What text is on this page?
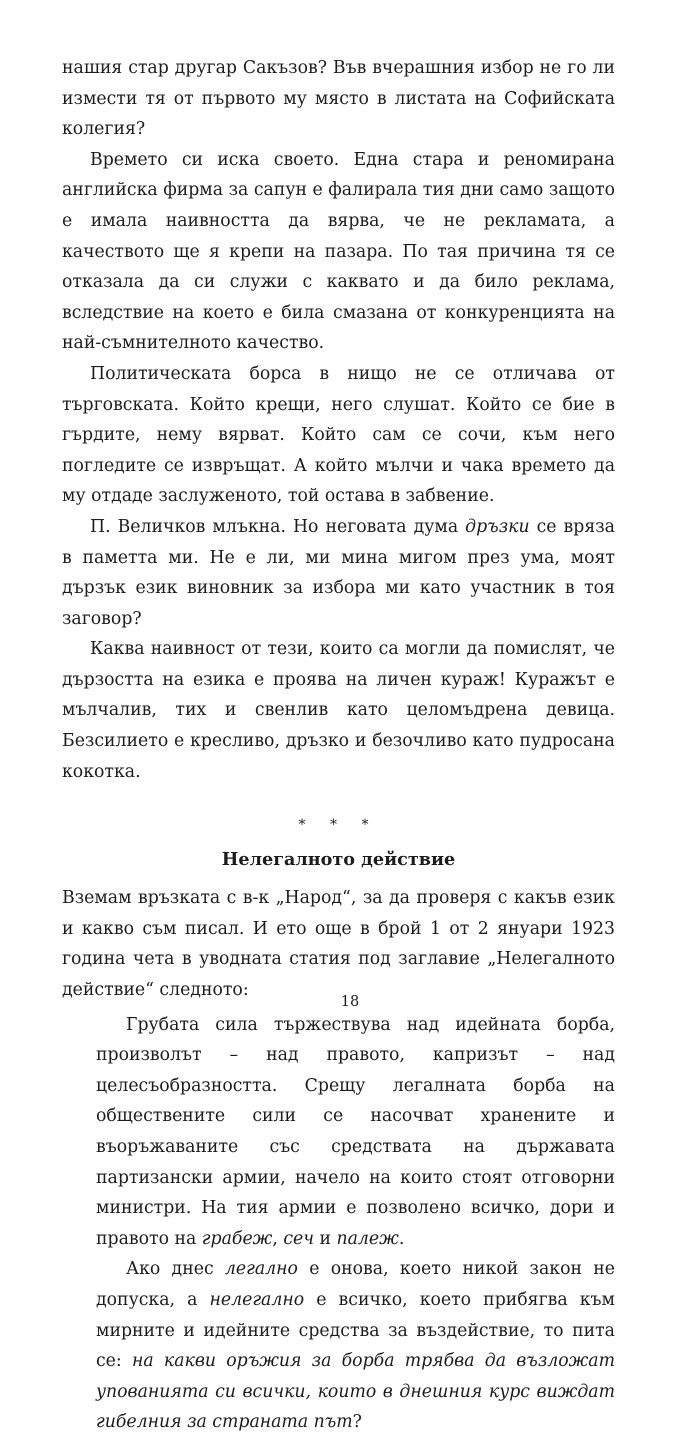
нашия стар другар Сакъзов? Във вчерашния избор не го ли измести тя от първото му място в листата на Софийската колегия?

Времето си иска своето. Една стара и реномирана английска фирма за сапун е фалирала тия дни само защото е имала наивността да вярва, че не рекламата, а качеството ще я крепи на пазара. По тая причина тя се отказала да си служи с каквато и да било реклама, вследствие на което е била смазана от конкуренцията на най-съмнителното качество.

Политическата борса в нищо не се отличава от търговската. Който крещи, него слушат. Който се бие в гърдите, нему вярват. Който сам се сочи, към него погледите се извръщат. А който мълчи и чака времето да му отдаде заслуженото, той остава в забвение.

П. Величков млъкна. Но неговата дума дръзки се вряза в паметта ми. Не е ли, ми мина мигом през ума, моят дързък език виновник за избора ми като участник в тоя заговор?

Каква наивност от тези, които са могли да помислят, че дързостта на езика е проява на личен кураж! Куражът е мълчалив, тих и свенлив като целомъдрена девица. Безсилието е кресливо, дръзко и безочливо като пудросана кокотка.

* * *
Нелегалното действие

Вземам връзката с в-к „Народ“, за да проверя с какъв език и какво съм писал. И ето още в брой 1 от 2 януари 1923 година чета в уводната статия под заглавие „Нелегалното действие“ следното:

Грубата сила тържествува над идейната борба, произволът – над правото, капризът – над целесъобразността. Срещу легалната борба на обществените сили се насочват хранените и въоръжаваните със средствата на държавата партизански армии, начело на които стоят отговорни министри. На тия армии е позволено всичко, дори и правото на грабеж, сеч и палеж.

Ако днес легално е онова, което никой закон не допуска, а нелегално е всичко, което прибягва към мирните и идейните средства за въздействие, то пита се: на какви оръжия за борба трябва да възложат упованията си всички, които в днешния курс виждат гибелния за страната път?

18
